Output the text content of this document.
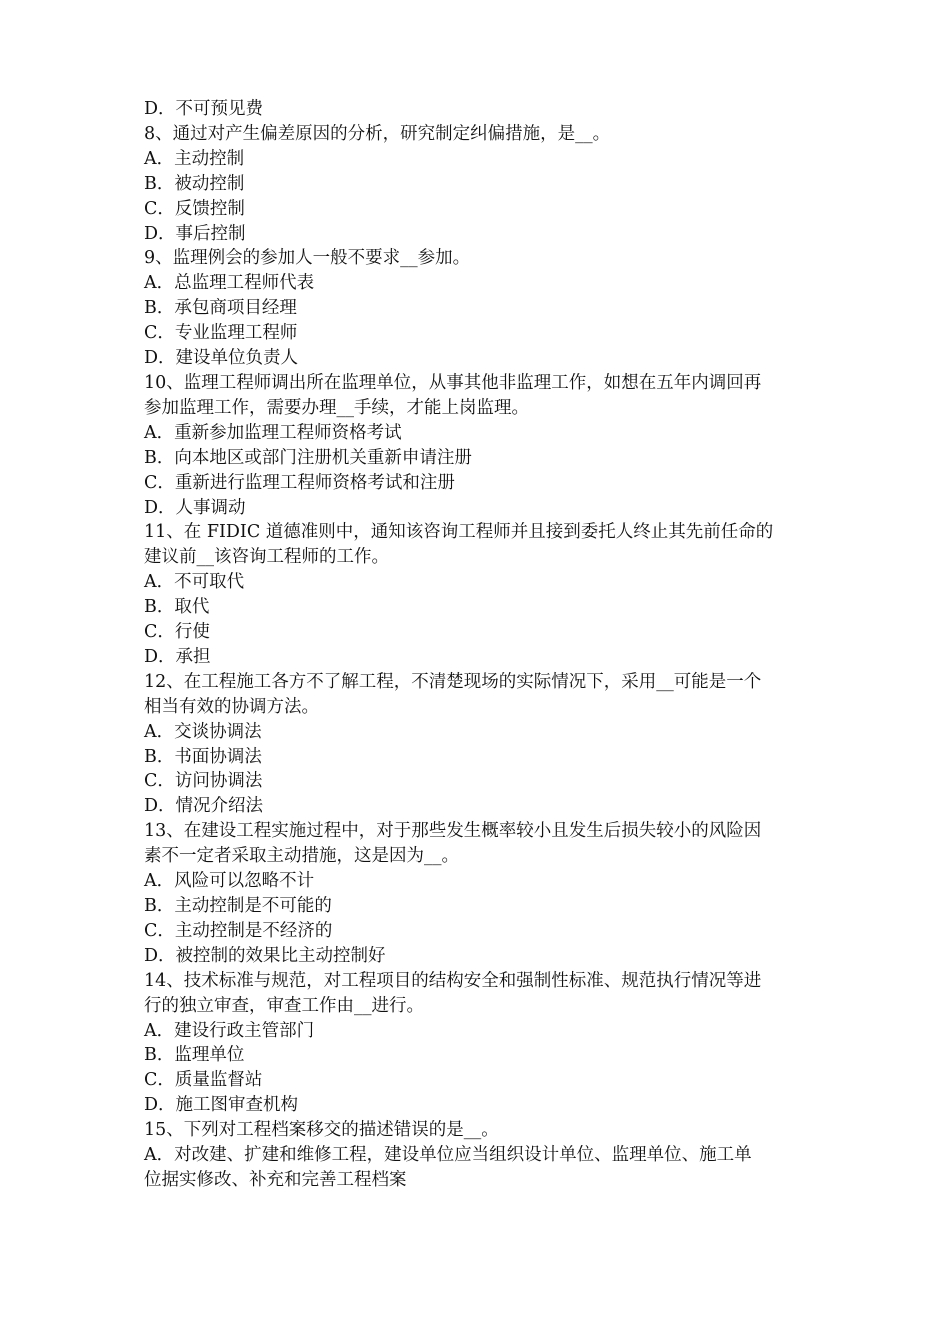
D．不可预见费
8、通过对产生偏差原因的分析，研究制定纠偏措施，是__。
A．主动控制
B．被动控制
C．反馈控制
D．事后控制
9、监理例会的参加人一般不要求__参加。
A．总监理工程师代表
B．承包商项目经理
C．专业监理工程师
D．建设单位负责人
10、监理工程师调出所在监理单位，从事其他非监理工作，如想在五年内调回再
参加监理工作，需要办理__手续，才能上岗监理。
A．重新参加监理工程师资格考试
B．向本地区或部门注册机关重新申请注册
C．重新进行监理工程师资格考试和注册
D．人事调动
11、在 FIDIC 道德准则中，通知该咨询工程师并且接到委托人终止其先前任命的
建议前__该咨询工程师的工作。
A．不可取代
B．取代
C．行使
D．承担
12、在工程施工各方不了解工程，不清楚现场的实际情况下，采用__可能是一个
相当有效的协调方法。
A．交谈协调法
B．书面协调法
C．访问协调法
D．情况介绍法
13、在建设工程实施过程中，对于那些发生概率较小且发生后损失较小的风险因
素不一定者采取主动措施，这是因为__。
A．风险可以忽略不计
B．主动控制是不可能的
C．主动控制是不经济的
D．被控制的效果比主动控制好
14、技术标准与规范，对工程项目的结构安全和强制性标准、规范执行情况等进
行的独立审查，审查工作由__进行。
A．建设行政主管部门
B．监理单位
C．质量监督站
D．施工图审查机构
15、下列对工程档案移交的描述错误的是__。
A．对改建、扩建和维修工程，建设单位应当组织设计单位、监理单位、施工单
位据实修改、补充和完善工程档案
